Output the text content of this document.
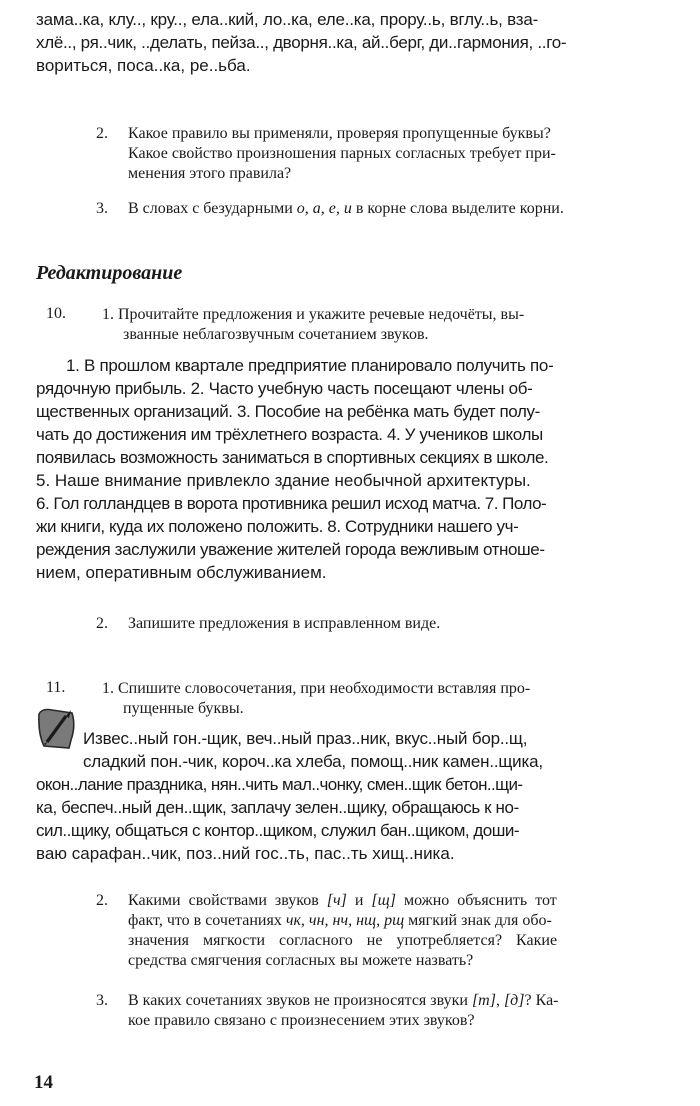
зама..ка, клу.., кру.., ела..кий, ло..ка, еле..ка, прору..ь, вглу..ь, вза-
хлё.., ря..чик, ..делать, пейза.., дворня..ка, ай..берг, ди..гармония, ..го-
вориться, поса..ка, ре..ьба.
2. Какое правило вы применяли, проверяя пропущенные буквы?
Какое свойство произношения парных согласных требует при-
менения этого правила?
3. В словах с безударными о, а, е, и в корне слова выделите корни.
Редактирование
10. 1. Прочитайте предложения и укажите речевые недочёты, вы-
званные неблагозвучным сочетанием звуков.
1. В прошлом квартале предприятие планировало получить по-
рядочную прибыль. 2. Часто учебную часть посещают члены об-
щественных организаций. 3. Пособие на ребёнка мать будет полу-
чать до достижения им трёхлетнего возраста. 4. У учеников школы
появилась возможность заниматься в спортивных секциях в школе.
5. Наше внимание привлекло здание необычной архитектуры.
6. Гол голландцев в ворота противника решил исход матча. 7. Поло-
жи книги, куда их положено положить. 8. Сотрудники нашего уч-
реждения заслужили уважение жителей города вежливым отноше-
нием, оперативным обслуживанием.
2. Запишите предложения в исправленном виде.
11. 1. Спишите словосочетания, при необходимости вставляя про-
пущенные буквы.
Извес..ный гон.-щик, веч..ный праз..ник, вкус..ный бор..щ,
сладкий пон.-чик, короч..ка хлеба, помощ..ник камен..щика,
окон..лание праздника, нян..чить мал..чонку, смен..щик бетон..щи-
ка, беспеч..ный ден..щик, заплачу зелен..щику, обращаюсь к но-
сил..щику, общаться с контор..щиком, служил бан..щиком, доши-
ваю сарафан..чик, поз..ний гос..ть, пас..ть хищ..ника.
2. Какими свойствами звуков [ч] и [щ] можно объяснить тот
факт, что в сочетаниях чк, чн, нч, нщ, рщ мягкий знак для обо-
значения мягкости согласного не употребляется? Какие
средства смягчения согласных вы можете назвать?
3. В каких сочетаниях звуков не произносятся звуки [т], [д]? Ка-
кое правило связано с произнесением этих звуков?
14
